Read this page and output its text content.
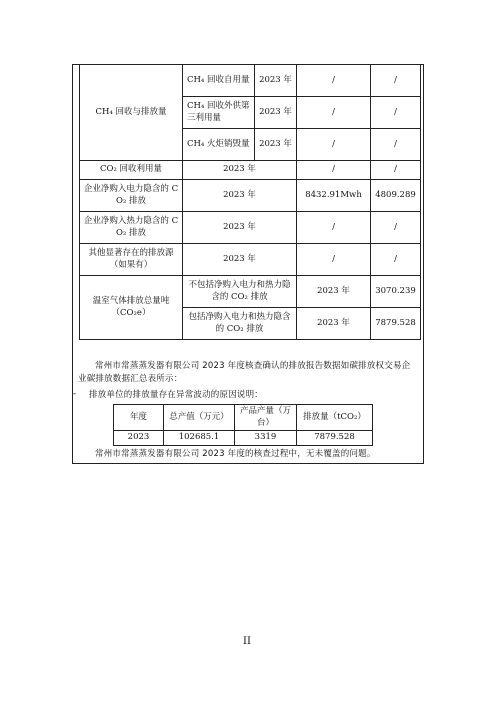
CH₄ 回收与排放量	CH₄ 回收自用量	2023 年	/	/
	CH₄ 回收外供第三利用量	2023 年	/	/
	CH₄ 火炬销毁量	2023 年	/	/
CO₂ 回收利用量	2023 年		/	/
企业净购入电力隐含的 CO₂ 排放	2023 年		8432.91Mwh	4809.289
企业净购入热力隐含的 CO₂ 排放	2023 年		/	/
其他显著存在的排放源（如果有）	2023 年		/	/

温室气体排放总量吨
（CO₂e）	不包括净购入电力和热力隐含的 CO₂ 排放		2023 年	3070.239
	包括净购入电力和热力隐含的 CO₂ 排放		2023 年	7879.528
常州市常蒸蒸发器有限公司 2023 年度核查确认的排放报告数据如碳排放权交易企业碳排放数据汇总表所示：
- 排放单位的排放量存在异常波动的原因说明：
年度	总产值（万元）	产品产量（万台）	排放量（tCO₂）
2023	102685.1	3319	7879.528
常州市常蒸蒸发器有限公司 2023 年度的核查过程中，无未覆盖的问题。
II
